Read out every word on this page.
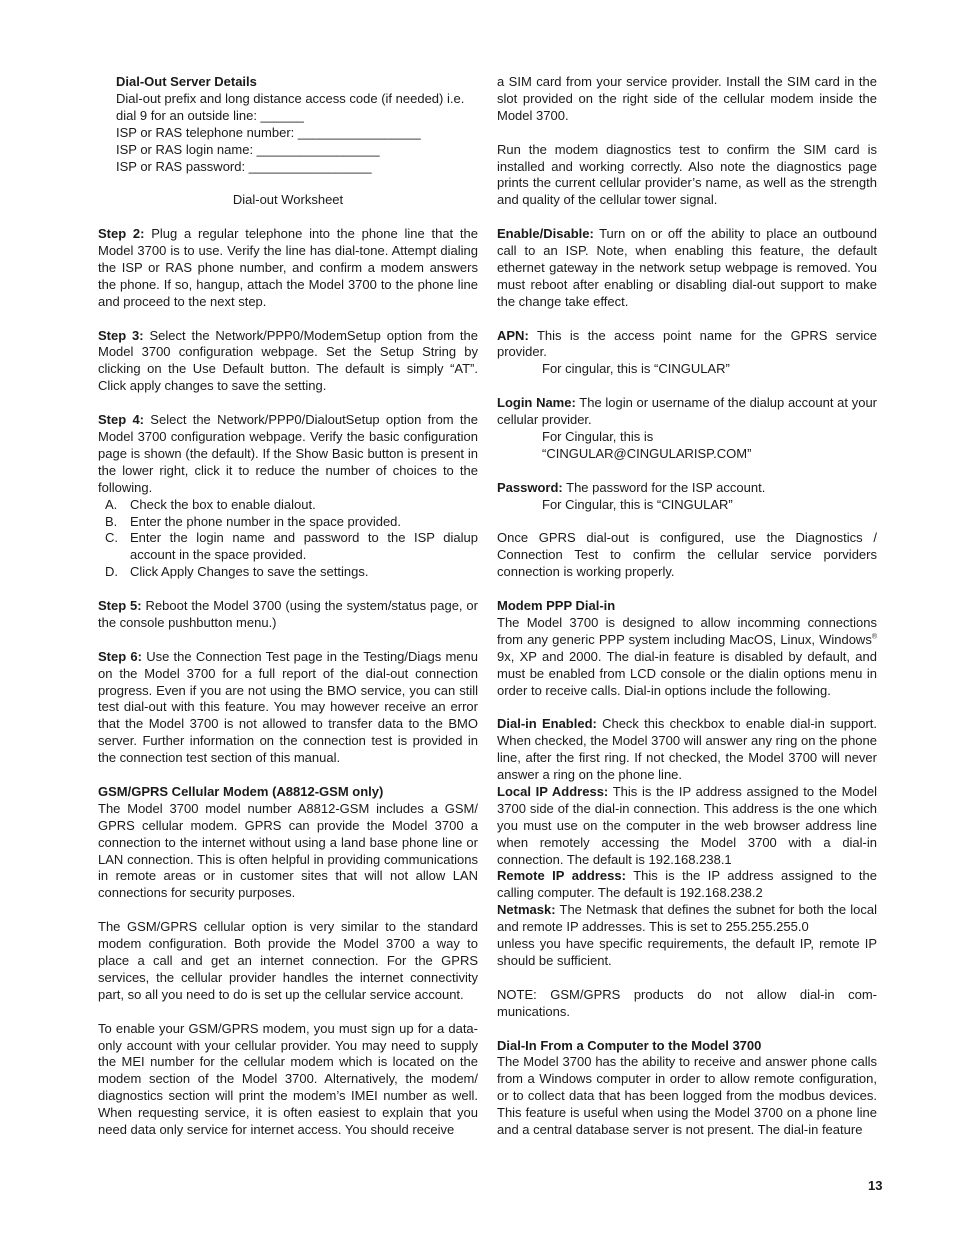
Dial-Out Server Details

Dial-out prefix and long distance access code (if needed) i.e. dial 9 for an outside line: ______

ISP or RAS telephone number: _________________

ISP or RAS login name: _________________

ISP or RAS password: _________________

Dial-out Worksheet

Step 2: Plug a regular telephone into the phone line that the Model 3700 is to use. Verify the line has dial-tone. Attempt dialing the ISP or RAS phone number, and confirm a modem answers the phone. If so, hangup, attach the Model 3700 to the phone line and proceed to the next step.

Step 3: Select the Network/PPP0/ModemSetup option from the Model 3700 configuration webpage. Set the Setup String by clicking on the Use Default button. The default is simply “AT”. Click apply changes to save the setting.

Step 4: Select the Network/PPP0/DialoutSetup option from the Model 3700 configuration webpage. Verify the basic configuration page is shown (the default). If the Show Basic button is present in the lower right, click it to reduce the number of choices to the following.

A. Check the box to enable dialout.
B. Enter the phone number in the space provided.
C. Enter the login name and password to the ISP dialup account in the space provided.
D. Click Apply Changes to save the settings.

Step 5: Reboot the Model 3700 (using the system/status page, or the console pushbutton menu.)

Step 6: Use the Connection Test page in the Testing/Diags menu on the Model 3700 for a full report of the dial-out connection progress. Even if you are not using the BMO service, you can still test dial-out with this feature. You may however receive an error that the Model 3700 is not allowed to transfer data to the BMO server. Further information on the connection test is provided in the connection test section of this manual.

GSM/GPRS Cellular Modem (A8812-GSM only)

The Model 3700 model number A8812-GSM includes a GSM/ GPRS cellular modem. GPRS can provide the Model 3700 a connection to the internet without using a land base phone line or LAN connection. This is often helpful in providing communications in remote areas or in customer sites that will not allow LAN connections for security purposes.

The GSM/GPRS cellular option is very similar to the standard modem configuration. Both provide the Model 3700 a way to place a call and get an internet connection. For the GPRS services, the cellular provider handles the internet connectivity part, so all you need to do is set up the cellular service account.

To enable your GSM/GPRS modem, you must sign up for a data-only account with your cellular provider. You may need to supply the MEI number for the cellular modem which is located on the modem section of the Model 3700. Alternatively, the modem/ diagnostics section will print the modem’s IMEI number as well. When requesting service, it is often easiest to explain that you need data only service for internet access. You should receive

a SIM card from your service provider. Install the SIM card in the slot provided on the right side of the cellular modem inside the Model 3700.

Run the modem diagnostics test to confirm the SIM card is installed and working correctly. Also note the diagnostics page prints the current cellular provider’s name, as well as the strength and quality of the cellular tower signal.

Enable/Disable: Turn on or off the ability to place an outbound call to an ISP. Note, when enabling this feature, the default ethernet gateway in the network setup webpage is removed. You must reboot after enabling or disabling dial-out support to make the change take effect.

APN: This is the access point name for the GPRS service provider.

For cingular, this is “CINGULAR”

Login Name: The login or username of the dialup account at your cellular provider.

For Cingular, this is

“CINGULAR@CINGULARISP.COM”

Password: The password for the ISP account.

For Cingular, this is “CINGULAR”

Once GPRS dial-out is configured, use the Diagnostics / Connection Test to confirm the cellular service porviders connection is working properly.

Modem PPP Dial-in

The Model 3700 is designed to allow incomming connections from any generic PPP system including MacOS, Linux, Windows® 9x, XP and 2000. The dial-in feature is disabled by default, and must be enabled from LCD console or the dialin options menu in order to receive calls. Dial-in options include the following.

Dial-in Enabled: Check this checkbox to enable dial-in support. When checked, the Model 3700 will answer any ring on the phone line, after the first ring. If not checked, the Model 3700 will never answer a ring on the phone line.

Local IP Address: This is the IP address assigned to the Model 3700 side of the dial-in connection. This address is the one which you must use on the computer in the web browser address line when remotely accessing the Model 3700 with a dial-in connection. The default is 192.168.238.1

Remote IP address: This is the IP address assigned to the calling computer. The default is 192.168.238.2

Netmask: The Netmask that defines the subnet for both the local and remote IP addresses. This is set to 255.255.255.0

unless you have specific requirements, the default IP, remote IP should be sufficient.

NOTE: GSM/GPRS products do not allow dial-in com-munications.

Dial-In From a Computer to the Model 3700

The Model 3700 has the ability to receive and answer phone calls from a Windows computer in order to allow remote configuration, or to collect data that has been logged from the modbus devices. This feature is useful when using the Model 3700 on a phone line and a central database server is not present. The dial-in feature

13
